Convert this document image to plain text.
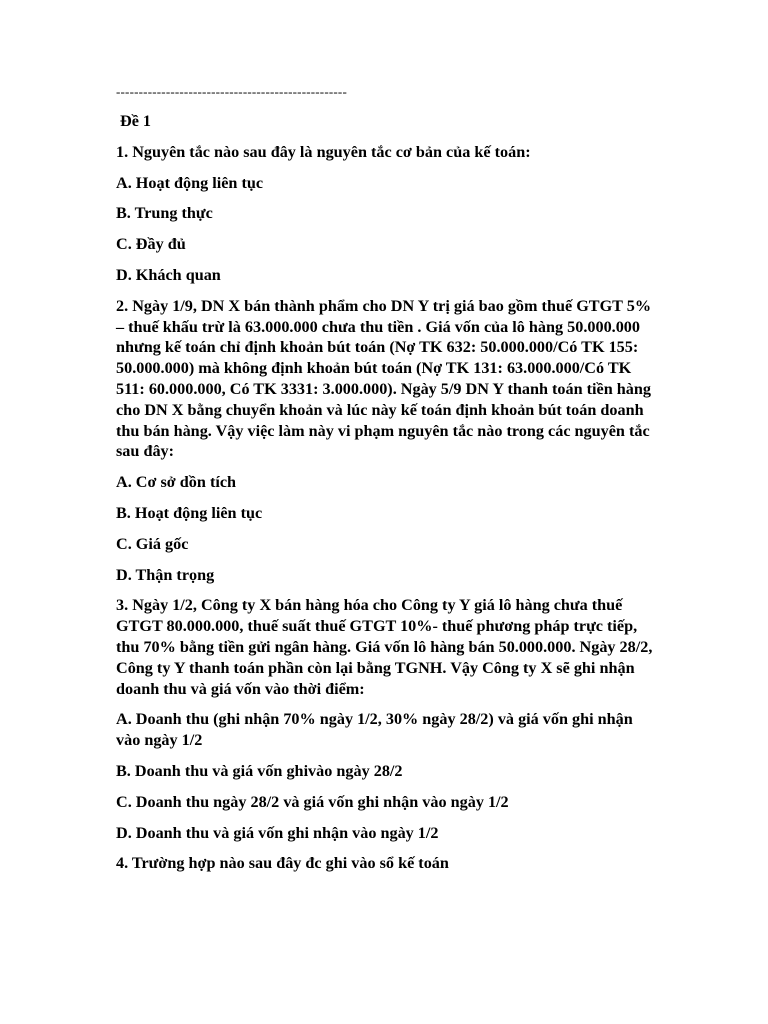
---------------------------------------------------
Đề 1
1. Nguyên tắc nào sau đây là nguyên tắc cơ bản của kế toán:
A. Hoạt động liên tục
B. Trung thực
C. Đầy đủ
D. Khách quan
2. Ngày 1/9, DN X bán thành phẩm cho DN Y trị giá bao gồm thuế GTGT 5% – thuế khấu trừ là 63.000.000 chưa thu tiền . Giá vốn của lô hàng 50.000.000 nhưng kế toán chỉ định khoản bút toán (Nợ TK 632: 50.000.000/Có TK 155: 50.000.000) mà không định khoản bút toán (Nợ TK 131: 63.000.000/Có TK 511: 60.000.000, Có TK 3331: 3.000.000). Ngày 5/9 DN Y thanh toán tiền hàng cho DN X bằng chuyển khoản và lúc này kế toán định khoản bút toán doanh thu bán hàng. Vậy việc làm này vi phạm nguyên tắc nào trong các nguyên tắc sau đây:
A. Cơ sở dồn tích
B. Hoạt động liên tục
C. Giá gốc
D. Thận trọng
3. Ngày 1/2, Công ty X bán hàng hóa cho Công ty Y giá lô hàng chưa thuế GTGT 80.000.000, thuế suất thuế GTGT 10%- thuế phương pháp trực tiếp, thu 70% bằng tiền gửi ngân hàng. Giá vốn lô hàng bán 50.000.000. Ngày 28/2, Công ty Y thanh toán phần còn lại bằng TGNH. Vậy Công ty X sẽ ghi nhận doanh thu và giá vốn vào thời điểm:
A. Doanh thu (ghi nhận 70% ngày 1/2, 30% ngày 28/2) và giá vốn ghi nhận vào ngày 1/2
B. Doanh thu và giá vốn ghivào ngày 28/2
C. Doanh thu ngày 28/2 và giá vốn ghi nhận vào ngày 1/2
D. Doanh thu và giá vốn ghi nhận vào ngày 1/2
4. Trường hợp nào sau đây đc ghi vào sổ kế toán
